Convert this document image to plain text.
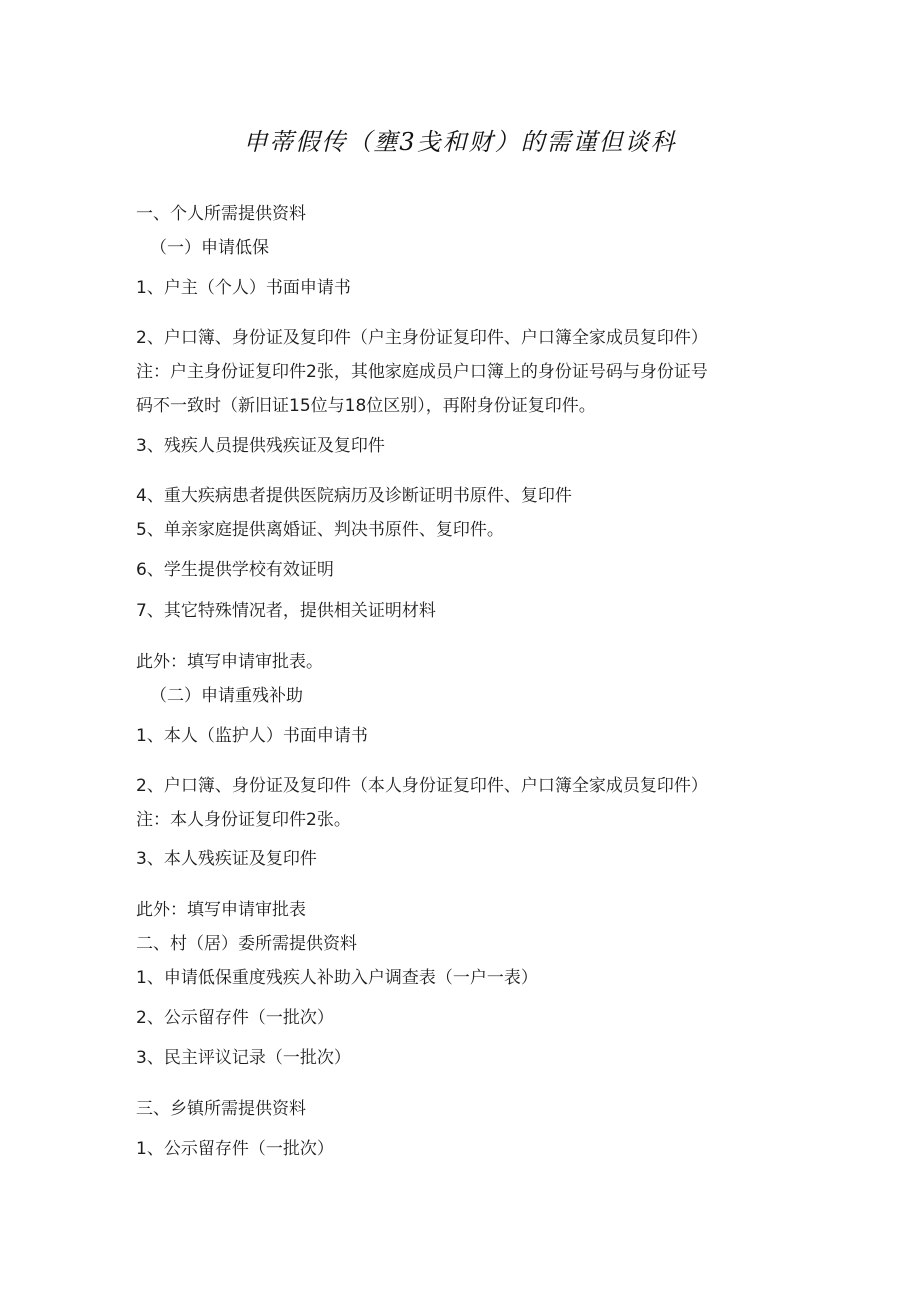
申蒂假传（壅3戋和财）的需谨但谈科
一、个人所需提供资料
（一）申请低保
1、户主（个人）书面申请书
2、户口簿、身份证及复印件（户主身份证复印件、户口簿全家成员复印件）
注：户主身份证复印件2张，其他家庭成员户口簿上的身份证号码与身份证号
码不一致时（新旧证15位与18位区别），再附身份证复印件。
3、残疾人员提供残疾证及复印件
4、重大疾病患者提供医院病历及诊断证明书原件、复印件
5、单亲家庭提供离婚证、判决书原件、复印件。
6、学生提供学校有效证明
7、其它特殊情况者，提供相关证明材料
此外：填写申请审批表。
（二）申请重残补助
1、本人（监护人）书面申请书
2、户口簿、身份证及复印件（本人身份证复印件、户口簿全家成员复印件）
注：本人身份证复印件2张。
3、本人残疾证及复印件
此外：填写申请审批表
二、村（居）委所需提供资料
1、申请低保重度残疾人补助入户调查表（一户一表）
2、公示留存件（一批次）
3、民主评议记录（一批次）
三、乡镇所需提供资料
1、公示留存件（一批次）
